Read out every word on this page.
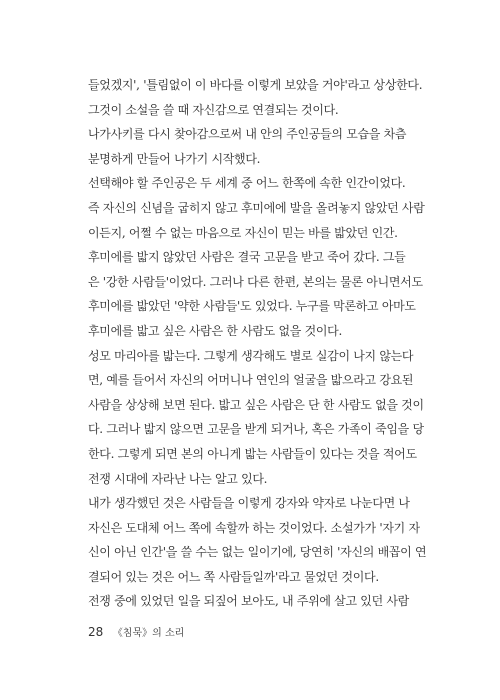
들었겠지', '틀림없이 이 바다를 이렇게 보았을 거야'라고 상상한다.
그것이 소설을 쓸 때 자신감으로 연결되는 것이다.
나가사키를 다시 찾아감으로써 내 안의 주인공들의 모습을 차츰
분명하게 만들어 나가기 시작했다.
선택해야 할 주인공은 두 세계 중 어느 한쪽에 속한 인간이었다.
즉 자신의 신념을 굽히지 않고 후미에에 발을 올려놓지 않았던 사람
이든지, 어쩔 수 없는 마음으로 자신이 믿는 바를 밟았던 인간.
후미에를 밟지 않았던 사람은 결국 고문을 받고 죽어 갔다. 그들
은 '강한 사람들'이었다. 그러나 다른 한편, 본의는 물론 아니면서도
후미에를 밟았던 '약한 사람들'도 있었다. 누구를 막론하고 아마도
후미에를 밟고 싶은 사람은 한 사람도 없을 것이다.
성모 마리아를 밟는다. 그렇게 생각해도 별로 실감이 나지 않는다
면, 예를 들어서 자신의 어머니나 연인의 얼굴을 밟으라고 강요된
사람을 상상해 보면 된다. 밟고 싶은 사람은 단 한 사람도 없을 것이
다. 그러나 밟지 않으면 고문을 받게 되거나, 혹은 가족이 죽임을 당
한다. 그렇게 되면 본의 아니게 밟는 사람들이 있다는 것을 적어도
전쟁 시대에 자라난 나는 알고 있다.
내가 생각했던 것은 사람들을 이렇게 강자와 약자로 나눈다면 나
자신은 도대체 어느 쪽에 속할까 하는 것이었다. 소설가가 '자기 자
신이 아닌 인간'을 쓸 수는 없는 일이기에, 당연히 '자신의 배꼽이 연
결되어 있는 것은 어느 쪽 사람들일까'라고 물었던 것이다.
전쟁 중에 있었던 일을 되짚어 보아도, 내 주위에 살고 있던 사람
28 《침묵》의 소리
